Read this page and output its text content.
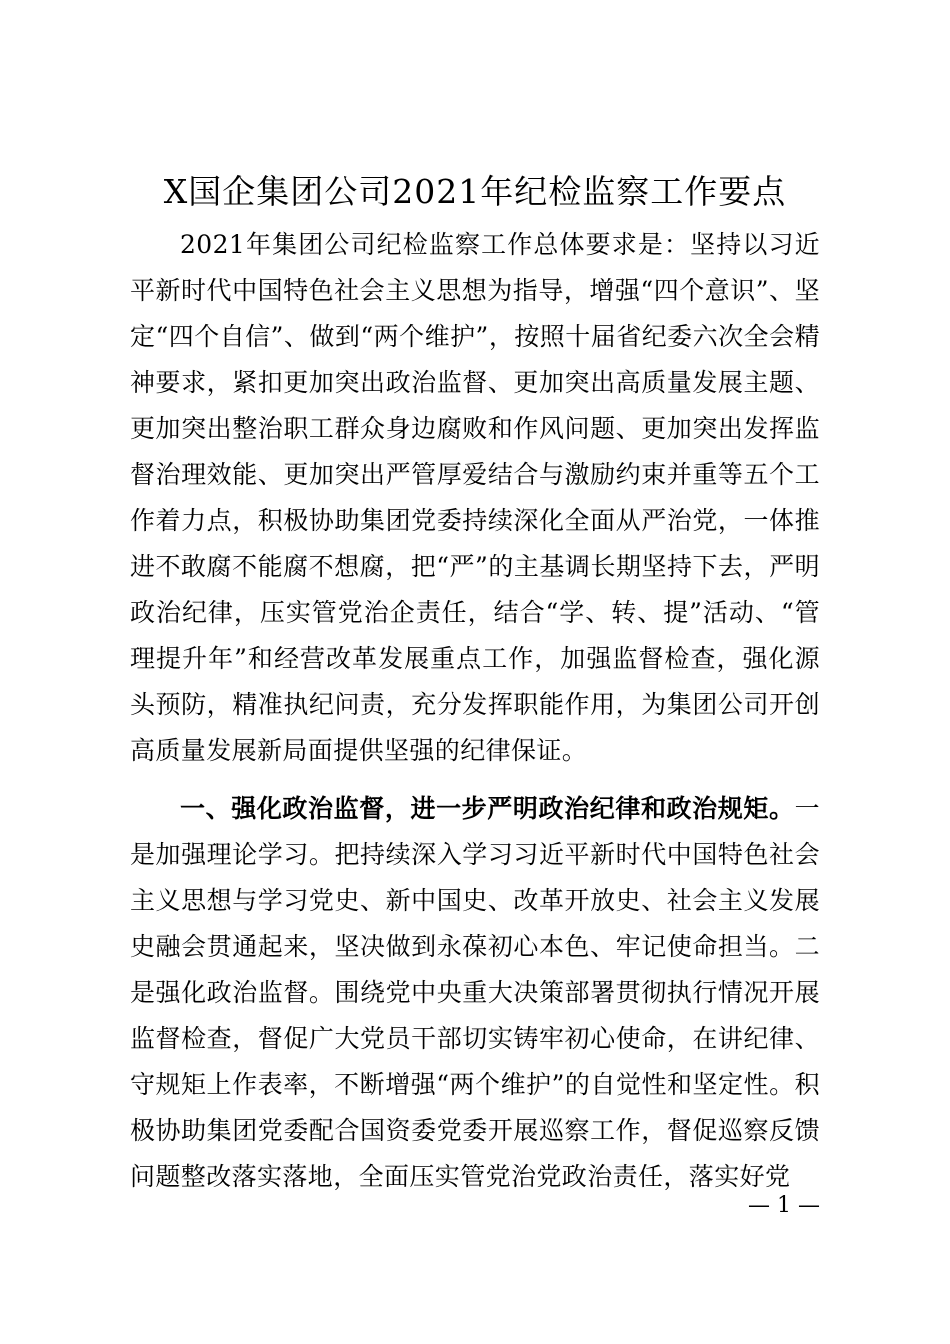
X国企集团公司2021年纪检监察工作要点

2021年集团公司纪检监察工作总体要求是：坚持以习近平新时代中国特色社会主义思想为指导，增强“四个意识”、坚定“四个自信”、做到“两个维护”，按照十届省纪委六次全会精神要求，紧扣更加突出政治监督、更加突出高质量发展主题、更加突出整治职工群众身边腐败和作风问题、更加突出发挥监督治理效能、更加突出严管厚爱结合与激励约束并重等五个工作着力点，积极协助集团党委持续深化全面从严治党，一体推进不敢腐不能腐不想腐，把“严”的主基调长期坚持下去，严明政治纪律，压实管党治企责任，结合“学、转、提”活动、“管理提升年”和经营改革发展重点工作，加强监督检查，强化源头预防，精准执纪问责，充分发挥职能作用，为集团公司开创高质量发展新局面提供坚强的纪律保证。

一、强化政治监督，进一步严明政治纪律和政治规矩。一是加强理论学习。把持续深入学习习近平新时代中国特色社会主义思想与学习党史、新中国史、改革开放史、社会主义发展史融会贯通起来，坚决做到永葆初心本色、牢记使命担当。二是强化政治监督。围绕党中央重大决策部署贯彻执行情况开展监督检查，督促广大党员干部切实铸牢初心使命，在讲纪律、守规矩上作表率，不断增强“两个维护”的自觉性和坚定性。积极协助集团党委配合国资委党委开展巡察工作，督促巡察反馈问题整改落实落地，全面压实管党治党政治责任，落实好党

— 1 —
